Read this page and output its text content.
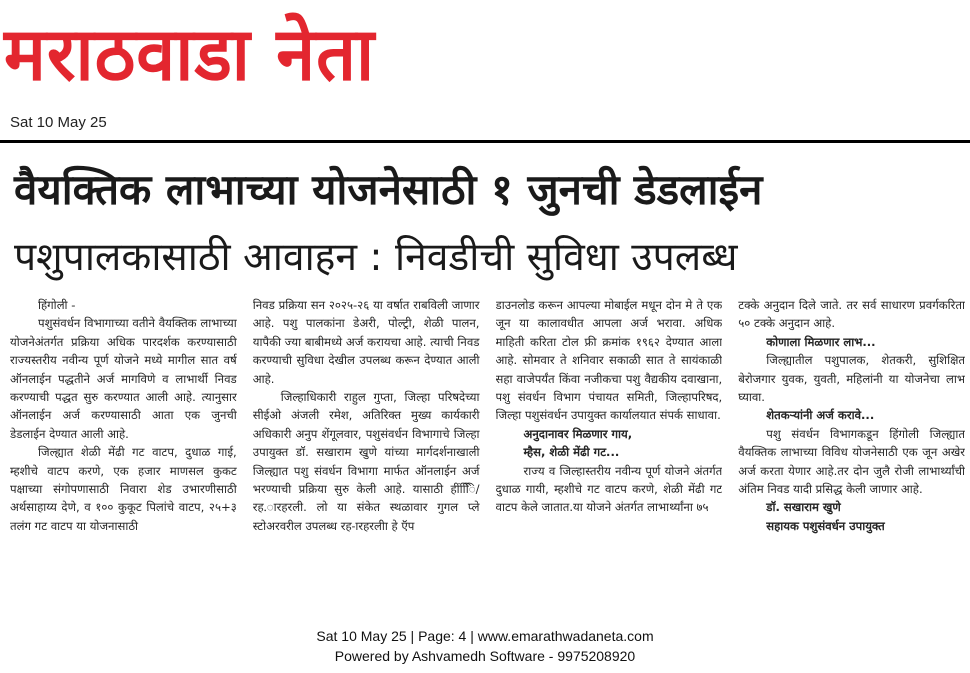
मराठवाडा नेता
Sat 10 May 25
वैयक्तिक लाभाच्या योजनेसाठी १ जुनची डेडलाईन
पशुपालकासाठी आवाहन : निवडीची सुविधा उपलब्ध

हिंगोली -

पशुसंवर्धन विभागाच्या वतीने वैयक्तिक लाभाच्या योजनेअंतर्गत प्रक्रिया अधिक पारदर्शक करण्यासाठी राज्यस्तरीय नवीन्य पूर्ण योजने मध्ये मागील सात वर्ष ऑनलाईन पद्धतीने अर्ज मागविणे व लाभार्थी निवड करण्याची पद्धत सुरु करण्यात आली आहे. त्यानुसार ऑनलाईन अर्ज करण्यासाठी आता एक जुनची डेडलाईन देण्यात आली आहे.

जिल्ह्यात शेळी मेंढी गट वाटप, दुधाळ गाई, म्हशीचे वाटप करणे, एक हजार माणसल कुकट पक्षाच्या संगोपणासाठी निवारा शेड उभारणीसाठी अर्थसाहाय्य देणे, व १०० कुकूट पिलांचे वाटप, २५+३ तलंग गट वाटप या योजनासाठी

निवड प्रक्रिया सन २०२५-२६ या वर्षात राबविली जाणार आहे. पशु पालकांना डेअरी, पोल्ट्री, शेळी पालन, यापैकी ज्या बाबीमध्ये अर्ज करायचा आहे. त्याची निवड करण्याची सुविधा देखील उपलब्ध करून देण्यात आली आहे.

जिल्हाधिकारी राहुल गुप्ता, जिल्हा परिषदेच्या सीईओ अंजली रमेश, अतिरिक्त मुख्य कार्यकारी अधिकारी अनुप शेंगूलवार, पशुसंवर्धन विभागाचे जिल्हा उपायुक्त डॉ. सखाराम खुणे यांच्या मार्गदर्शनाखाली जिल्ह्यात पशु संवर्धन विभागा मार्फत ऑनलाईन अर्ज भरण्याची प्रक्रिया सुरु केली आहे. यासाठी हींििि/रह.ारहरली. लो या संकेत स्थळावार गुगल प्ले स्टोअरवरील उपलब्ध रह-ारहरलीा हे ऍप

डाउनलोड करून आपल्या मोबाईल मधून दोन मे ते एक जून या कालावधीत आपला अर्ज भरावा. अधिक माहिती करिता टोल फ्री क्रमांक १९६२ देण्यात आला आहे. सोमवार ते शनिवार सकाळी सात ते सायंकाळी सहा वाजेपर्यंत किंवा नजीकचा पशु वैद्यकीय दवाखाना, पशु संवर्धन विभाग पंचायत समिती, जिल्हापरिषद, जिल्हा पशुसंवर्धन उपायुक्त कार्यालयात संपर्क साधावा.

अनुदानावर मिळणार गाय,

म्हैस, शेळी मेंढी गट...

राज्य व जिल्हास्तरीय नवीन्य पूर्ण योजने अंतर्गत दुधाळ गायी, म्हशीचे गट वाटप करणे, शेळी मेंढी गट वाटप केले जातात.या योजने अंतर्गत लाभार्थ्यांना ७५

टक्के अनुदान दिले जाते. तर सर्व साधारण प्रवर्गकरिता ५० टक्के अनुदान आहे.

कोणाला मिळणार लाभ...

जिल्ह्यातील पशुपालक, शेतकरी, सुशिक्षित बेरोजगार युवक, युवती, महिलांनी या योजनेचा लाभ घ्यावा.

शेतकऱ्यांनी अर्ज करावे...

पशु संवर्धन विभागकडून हिंगोली जिल्ह्यात वैयक्तिक लाभाच्या विविध योजनेसाठी एक जून अखेर अर्ज करता येणार आहे.तर दोन जुलै रोजी लाभार्थ्यांची अंतिम निवड यादी प्रसिद्ध केली जाणार आहे.

डॉ. सखाराम खुणे

सहायक पशुसंवर्धन उपायुक्त

Sat 10 May 25 | Page: 4 | www.emarathwadaneta.com
Powered by Ashvamedh Software - 9975208920
